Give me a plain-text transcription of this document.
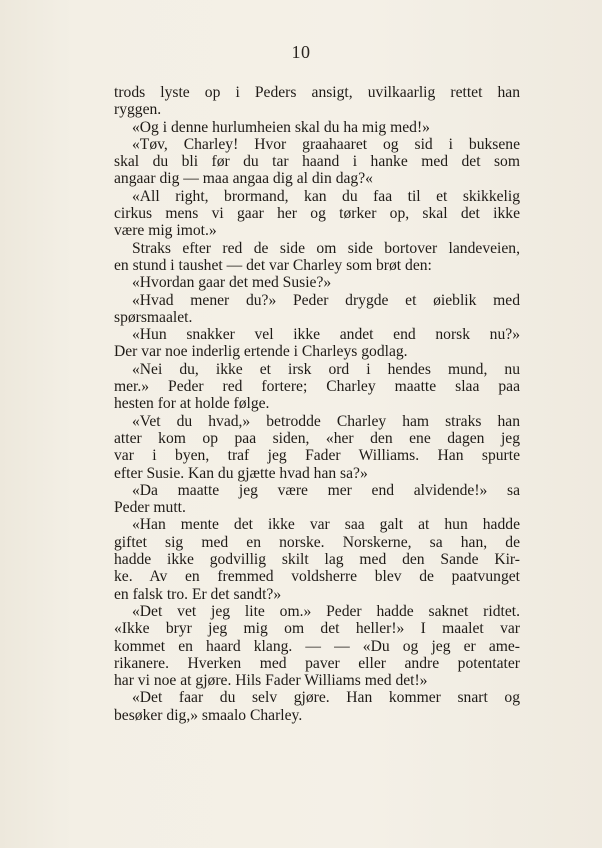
10
trods lyste op i Peders ansigt, uvilkaarlig rettet han
ryggen.
«Og i denne hurlumheien skal du ha mig med!»
«Tøv, Charley! Hvor graahaaret og sid i buksene
skal du bli før du tar haand i hanke med det som
angaar dig — maa angaa dig al din dag?«
«All right, brormand, kan du faa til et skikkelig
cirkus mens vi gaar her og tørker op, skal det ikke
være mig imot.»
Straks efter red de side om side bortover landeveien,
en stund i taushet — det var Charley som brøt den:
«Hvordan gaar det med Susie?»
«Hvad mener du?» Peder drygde et øieblik med
spørsmaalet.
«Hun snakker vel ikke andet end norsk nu?»
Der var noe inderlig ertende i Charleys godlag.
«Nei du, ikke et irsk ord i hendes mund, nu
mer.» Peder red fortere; Charley maatte slaa paa
hesten for at holde følge.
«Vet du hvad,» betrodde Charley ham straks han
atter kom op paa siden, «her den ene dagen jeg
var i byen, traf jeg Fader Williams. Han spurte
efter Susie. Kan du gjætte hvad han sa?»
«Da maatte jeg være mer end alvidende!» sa
Peder mutt.
«Han mente det ikke var saa galt at hun hadde
giftet sig med en norske. Norskerne, sa han, de
hadde ikke godvillig skilt lag med den Sande Kir-
ke. Av en fremmed voldsherre blev de paatvunget
en falsk tro. Er det sandt?»
«Det vet jeg lite om.» Peder hadde saknet ridtet.
«Ikke bryr jeg mig om det heller!» I maalet var
kommet en haard klang. — — «Du og jeg er ame-
rikanere. Hverken med paver eller andre potentater
har vi noe at gjøre. Hils Fader Williams med det!»
«Det faar du selv gjøre. Han kommer snart og
besøker dig,» smaalo Charley.
